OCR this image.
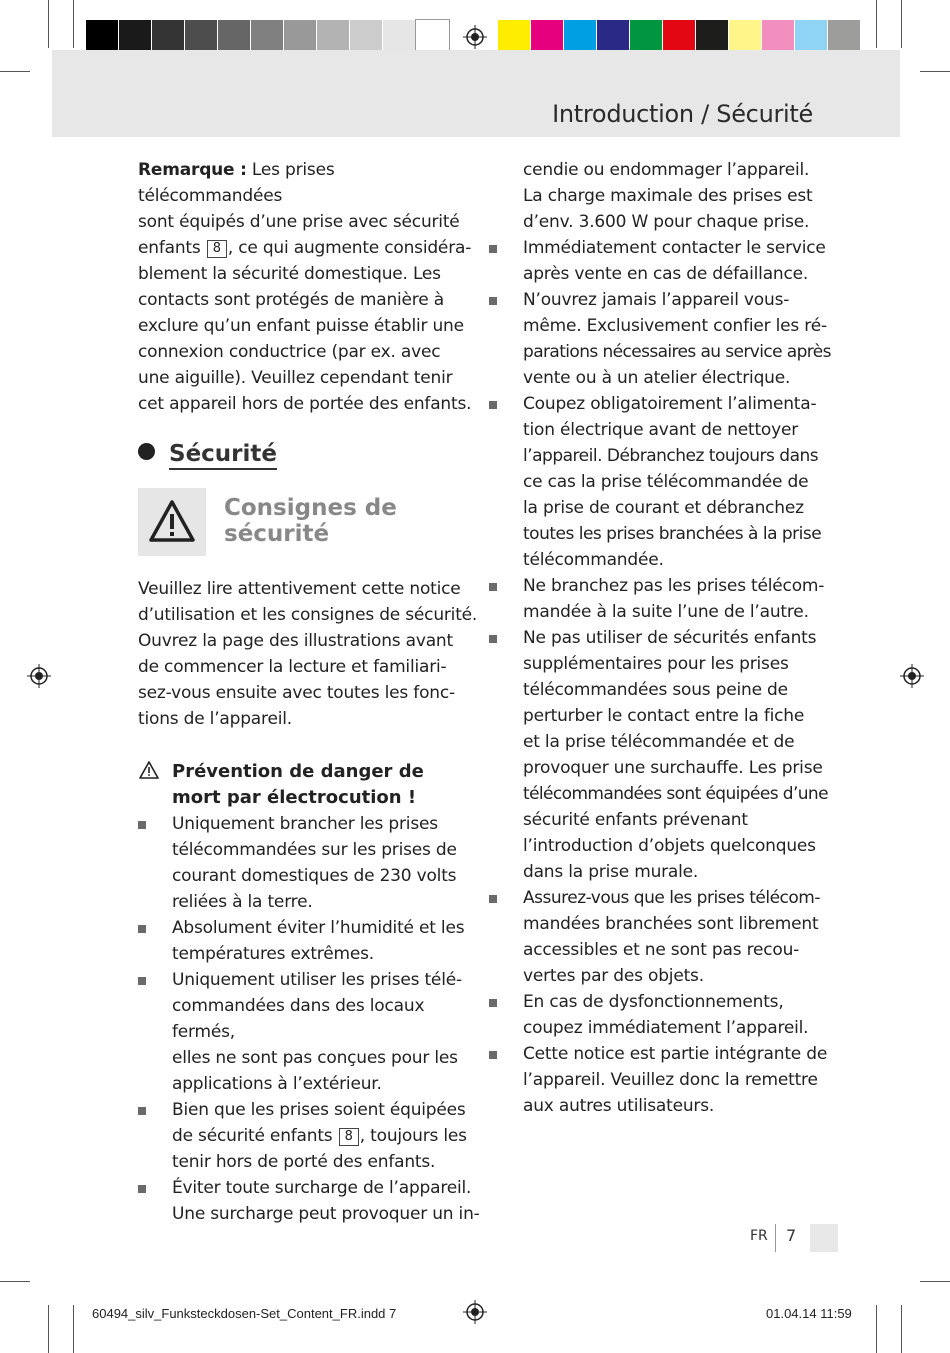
Introduction / Sécurité
Remarque : Les prises télécommandées
sont équipés d’une prise avec sécurité
enfants 8 , ce qui augmente considéra-
blement la sécurité domestique. Les
contacts sont protégés de manière à
exclure qu’un enfant puisse établir une
connexion conductrice (par ex. avec
une aiguille). Veuillez cependant tenir
cet appareil hors de portée des enfants.
Sécurité
Consignes de
sécurité
Veuillez lire attentivement cette notice
d’utilisation et les consignes de sécurité.
Ouvrez la page des illustrations avant
de commencer la lecture et familiari-
sez-vous ensuite avec toutes les fonc-
tions de l’appareil.
Prévention de danger de
mort par électrocution !
Uniquement brancher les prises
télécommandées sur les prises de
courant domestiques de 230 volts
reliées à la terre.
Absolument éviter l’humidité et les
températures extrêmes.
Uniquement utiliser les prises télé-
commandées dans des locaux fermés,
elles ne sont pas conçues pour les
applications à l’extérieur.
Bien que les prises soient équipées
de sécurité enfants 8 , toujours les
tenir hors de porté des enfants.
Éviter toute surcharge de l’appareil.
Une surcharge peut provoquer un in-
cendie ou endommager l’appareil.
La charge maximale des prises est
d’env. 3.600 W pour chaque prise.
Immédiatement contacter le service
après vente en cas de défaillance.
N’ouvrez jamais l’appareil vous-
même. Exclusivement confier les ré-
parations nécessaires au service après
vente ou à un atelier électrique.
Coupez obligatoirement l’alimenta-
tion électrique avant de nettoyer
l’appareil. Débranchez toujours dans
ce cas la prise télécommandée de
la prise de courant et débranchez
toutes les prises branchées à la prise
télécommandée.
Ne branchez pas les prises télécom-
mandée à la suite l’une de l’autre.
Ne pas utiliser de sécurités enfants
supplémentaires pour les prises
télécommandées sous peine de
perturber le contact entre la fiche
et la prise télécommandée et de
provoquer une surchauffe. Les prise
télécommandées sont équipées d’une
sécurité enfants prévenant
l’introduction d’objets quelconques
dans la prise murale.
Assurez-vous que les prises télécom-
mandées branchées sont librement
accessibles et ne sont pas recou-
vertes par des objets.
En cas de dysfonctionnements,
coupez immédiatement l’appareil.
Cette notice est partie intégrante de
l’appareil. Veuillez donc la remettre
aux autres utilisateurs.
FR 7
60494_silv_Funksteckdosen-Set_Content_FR.indd 7	01.04.14 11:59
